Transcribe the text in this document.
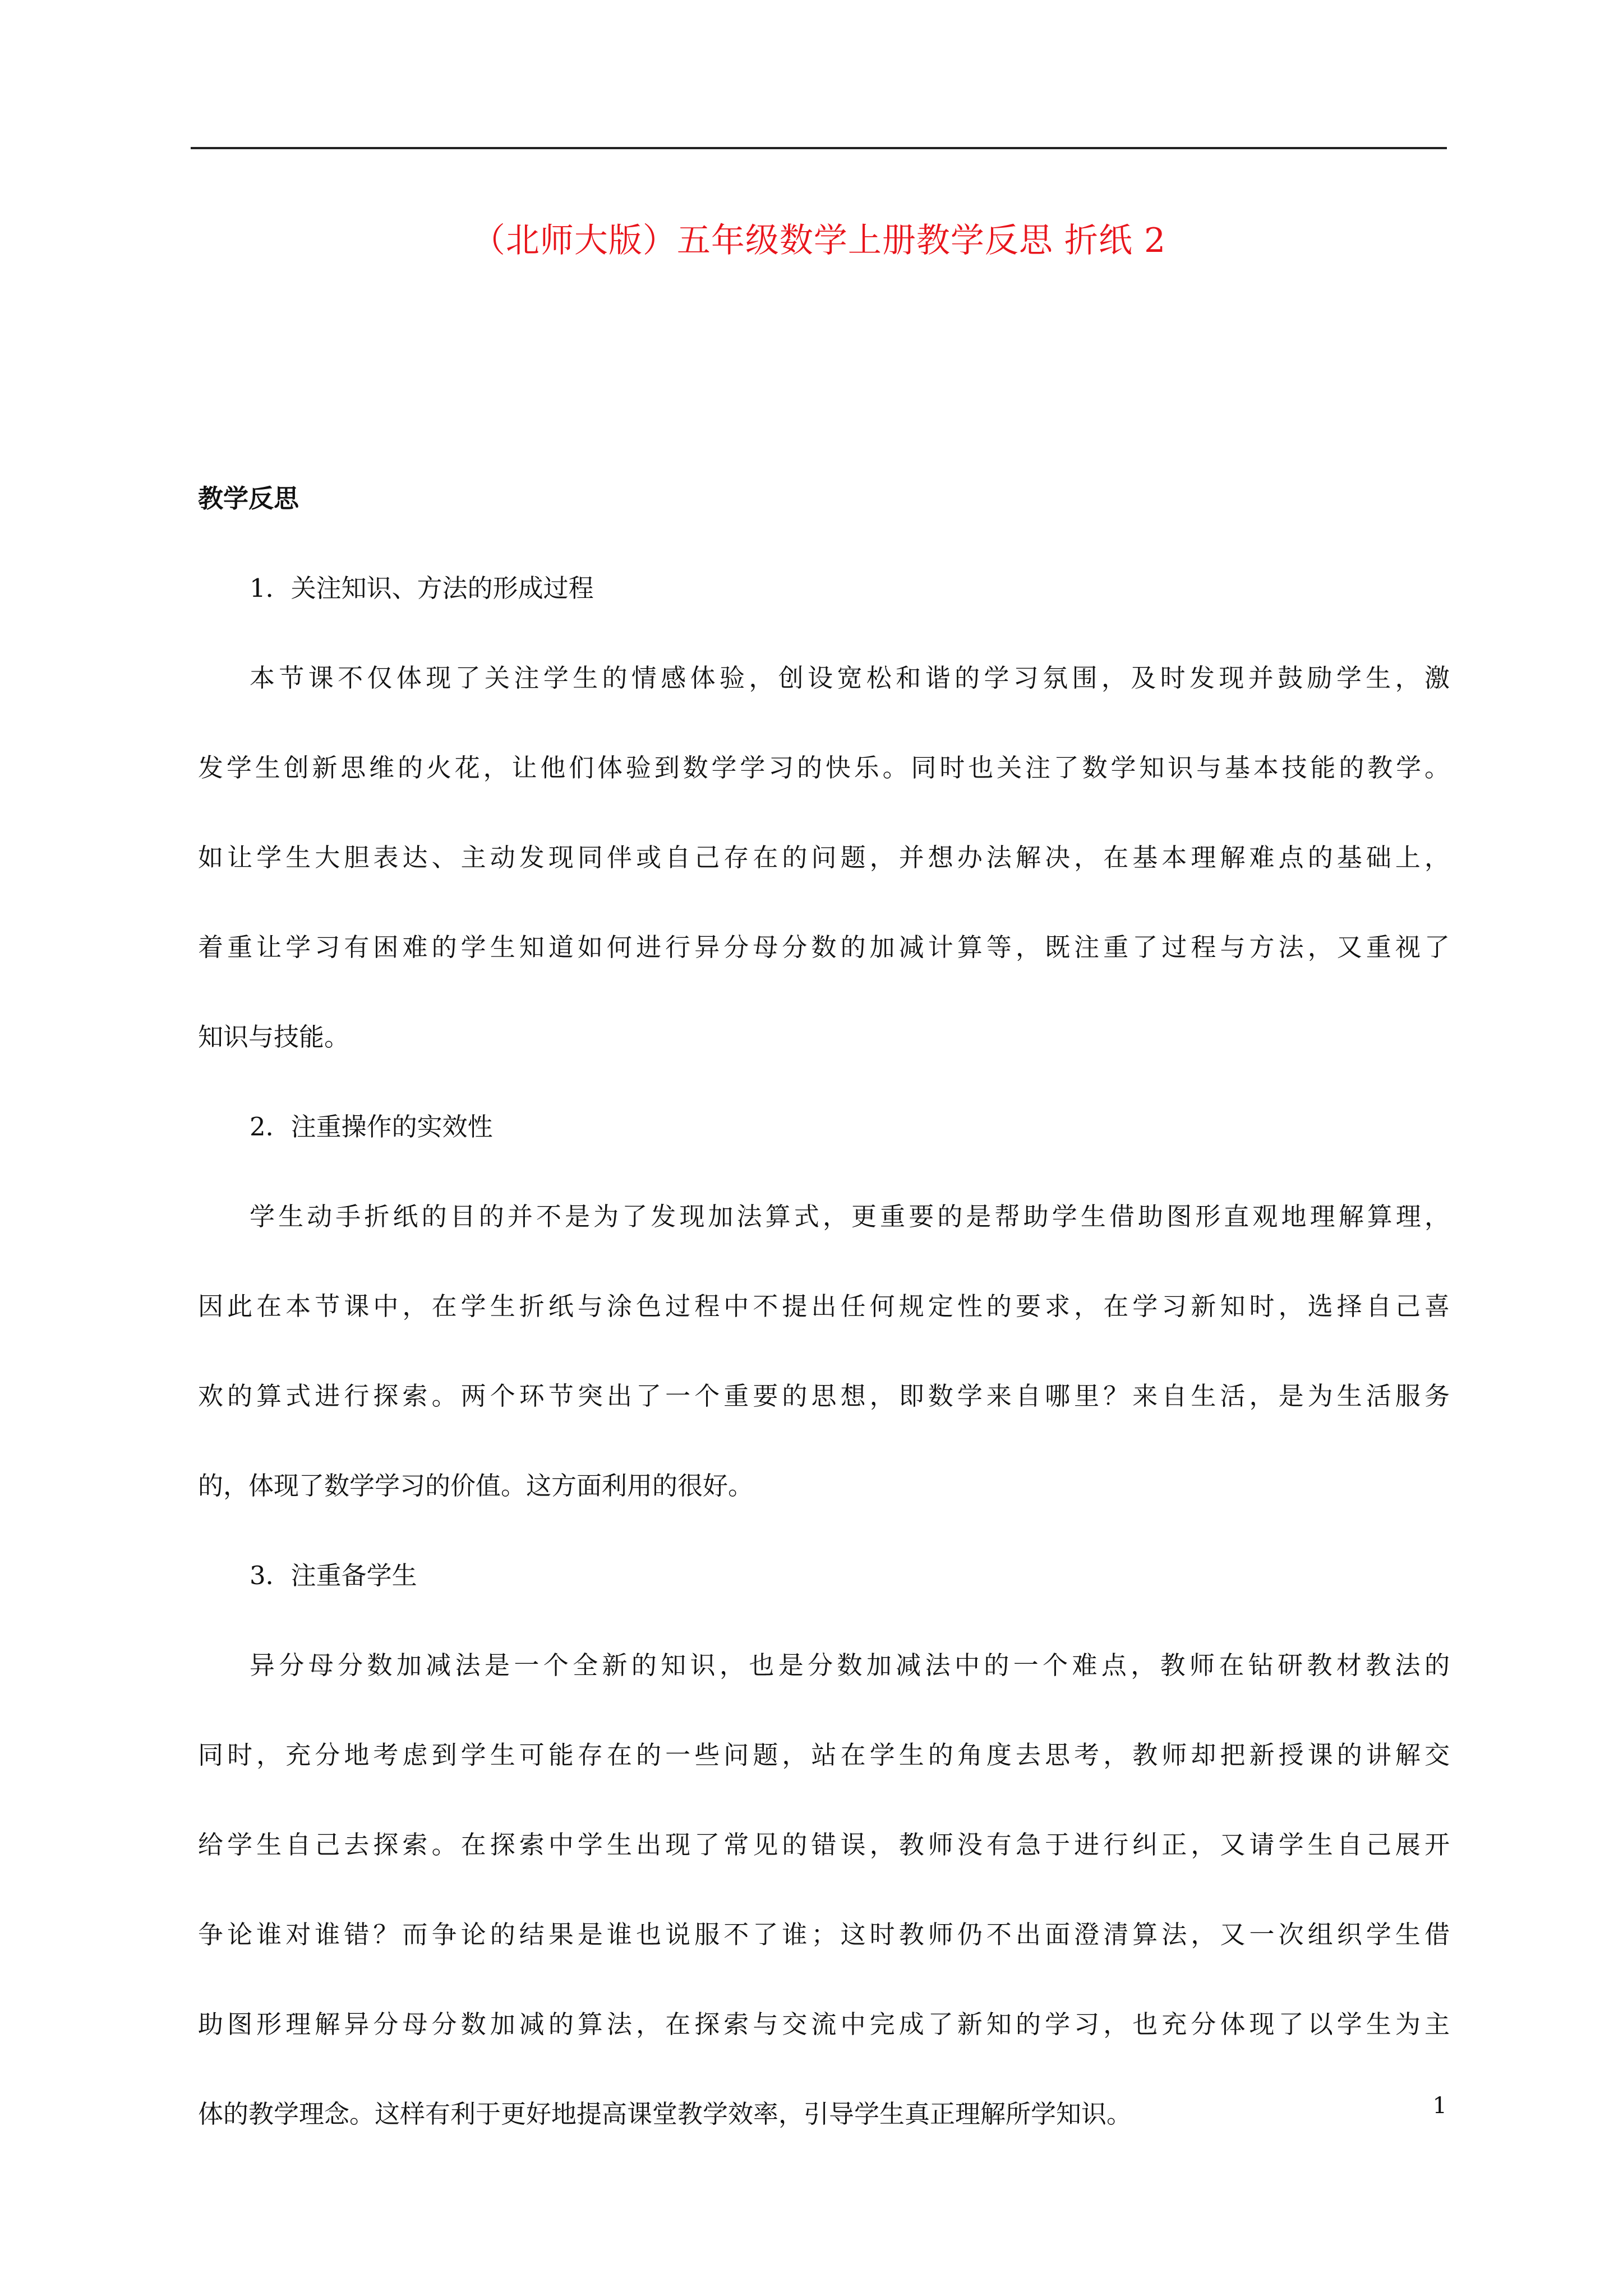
（北师大版）五年级数学上册教学反思 折纸 2
教学反思
1．关注知识、方法的形成过程
本节课不仅体现了关注学生的情感体验，创设宽松和谐的学习氛围，及时发现并鼓励学生，激
发学生创新思维的火花，让他们体验到数学学习的快乐。同时也关注了数学知识与基本技能的教学。
如让学生大胆表达、主动发现同伴或自己存在的问题，并想办法解决，在基本理解难点的基础上，
着重让学习有困难的学生知道如何进行异分母分数的加减计算等，既注重了过程与方法，又重视了
知识与技能。
2．注重操作的实效性
学生动手折纸的目的并不是为了发现加法算式，更重要的是帮助学生借助图形直观地理解算理，
因此在本节课中，在学生折纸与涂色过程中不提出任何规定性的要求，在学习新知时，选择自己喜
欢的算式进行探索。两个环节突出了一个重要的思想，即数学来自哪里？来自生活，是为生活服务
的，体现了数学学习的价值。这方面利用的很好。
3．注重备学生
异分母分数加减法是一个全新的知识，也是分数加减法中的一个难点，教师在钻研教材教法的
同时，充分地考虑到学生可能存在的一些问题，站在学生的角度去思考，教师却把新授课的讲解交
给学生自己去探索。在探索中学生出现了常见的错误，教师没有急于进行纠正，又请学生自己展开
争论谁对谁错？而争论的结果是谁也说服不了谁；这时教师仍不出面澄清算法，又一次组织学生借
助图形理解异分母分数加减的算法，在探索与交流中完成了新知的学习，也充分体现了以学生为主
体的教学理念。这样有利于更好地提高课堂教学效率，引导学生真正理解所学知识。	1
